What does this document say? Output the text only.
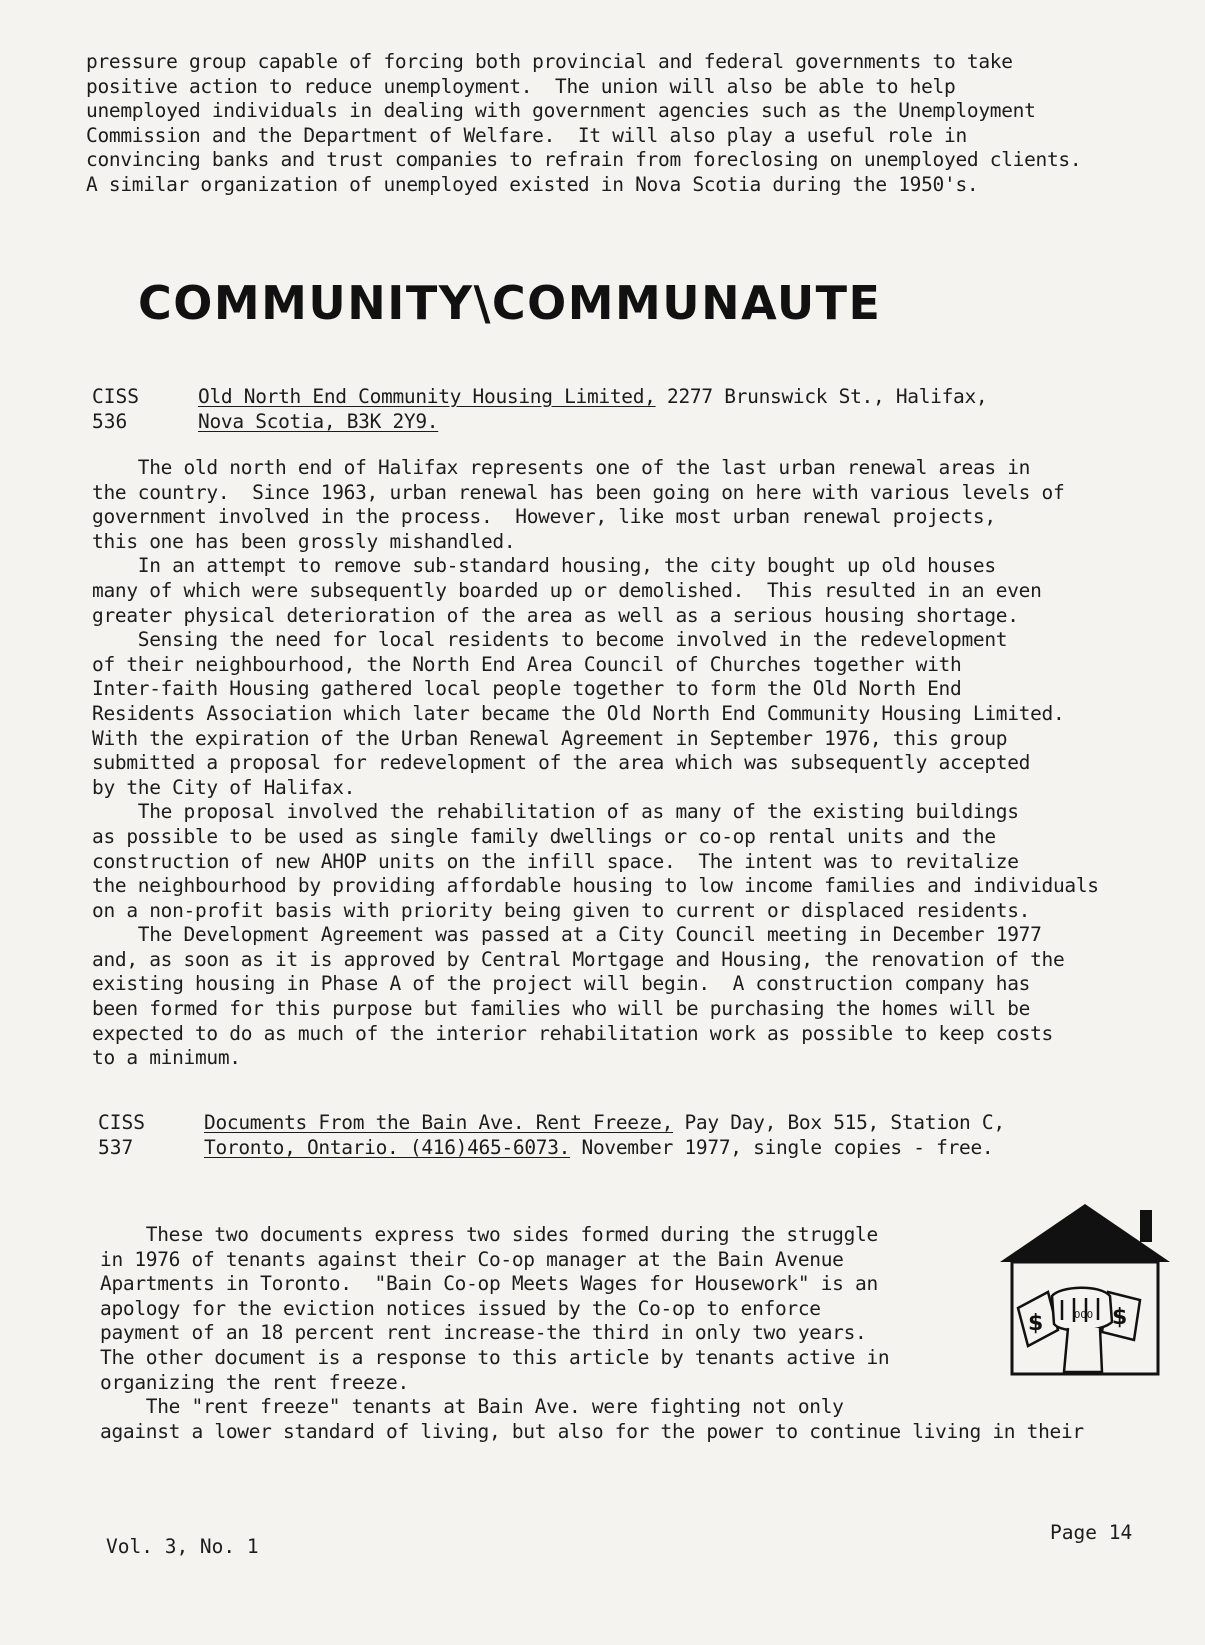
pressure group capable of forcing both provincial and federal governments to take
positive action to reduce unemployment.  The union will also be able to help
unemployed individuals in dealing with government agencies such as the Unemployment
Commission and the Department of Welfare.  It will also play a useful role in
convincing banks and trust companies to refrain from foreclosing on unemployed clients.
A similar organization of unemployed existed in Nova Scotia during the 1950's.
COMMUNITY\COMMUNAUTE
CISS
536
Old North End Community Housing Limited, 2277 Brunswick St., Halifax,
Nova Scotia, B3K 2Y9.
The old north end of Halifax represents one of the last urban renewal areas in
the country.  Since 1963, urban renewal has been going on here with various levels of
government involved in the process.  However, like most urban renewal projects,
this one has been grossly mishandled.
In an attempt to remove sub-standard housing, the city bought up old houses
many of which were subsequently boarded up or demolished.  This resulted in an even
greater physical deterioration of the area as well as a serious housing shortage.
Sensing the need for local residents to become involved in the redevelopment
of their neighbourhood, the North End Area Council of Churches together with
Inter-faith Housing gathered local people together to form the Old North End
Residents Association which later became the Old North End Community Housing Limited.
With the expiration of the Urban Renewal Agreement in September 1976, this group
submitted a proposal for redevelopment of the area which was subsequently accepted
by the City of Halifax.
The proposal involved the rehabilitation of as many of the existing buildings
as possible to be used as single family dwellings or co-op rental units and the
construction of new AHOP units on the infill space.  The intent was to revitalize
the neighbourhood by providing affordable housing to low income families and individuals
on a non-profit basis with priority being given to current or displaced residents.
The Development Agreement was passed at a City Council meeting in December 1977
and, as soon as it is approved by Central Mortgage and Housing, the renovation of the
existing housing in Phase A of the project will begin.  A construction company has
been formed for this purpose but families who will be purchasing the homes will be
expected to do as much of the interior rehabilitation work as possible to keep costs
to a minimum.
CISS
537
Documents From the Bain Ave. Rent Freeze, Pay Day, Box 515, Station C,
Toronto, Ontario. (416)465-6073. November 1977, single copies - free.
These two documents express two sides formed during the struggle
in 1976 of tenants against their Co-op manager at the Bain Avenue
Apartments in Toronto.  "Bain Co-op Meets Wages for Housework" is an
apology for the eviction notices issued by the Co-op to enforce
payment of an 18 percent rent increase-the third in only two years.
The other document is a response to this article by tenants active in
organizing the rent freeze.
The "rent freeze" tenants at Bain Ave. were fighting not only
against a lower standard of living, but also for the power to continue living in their
$	$
000
Vol. 3, No. 1
Page 14
